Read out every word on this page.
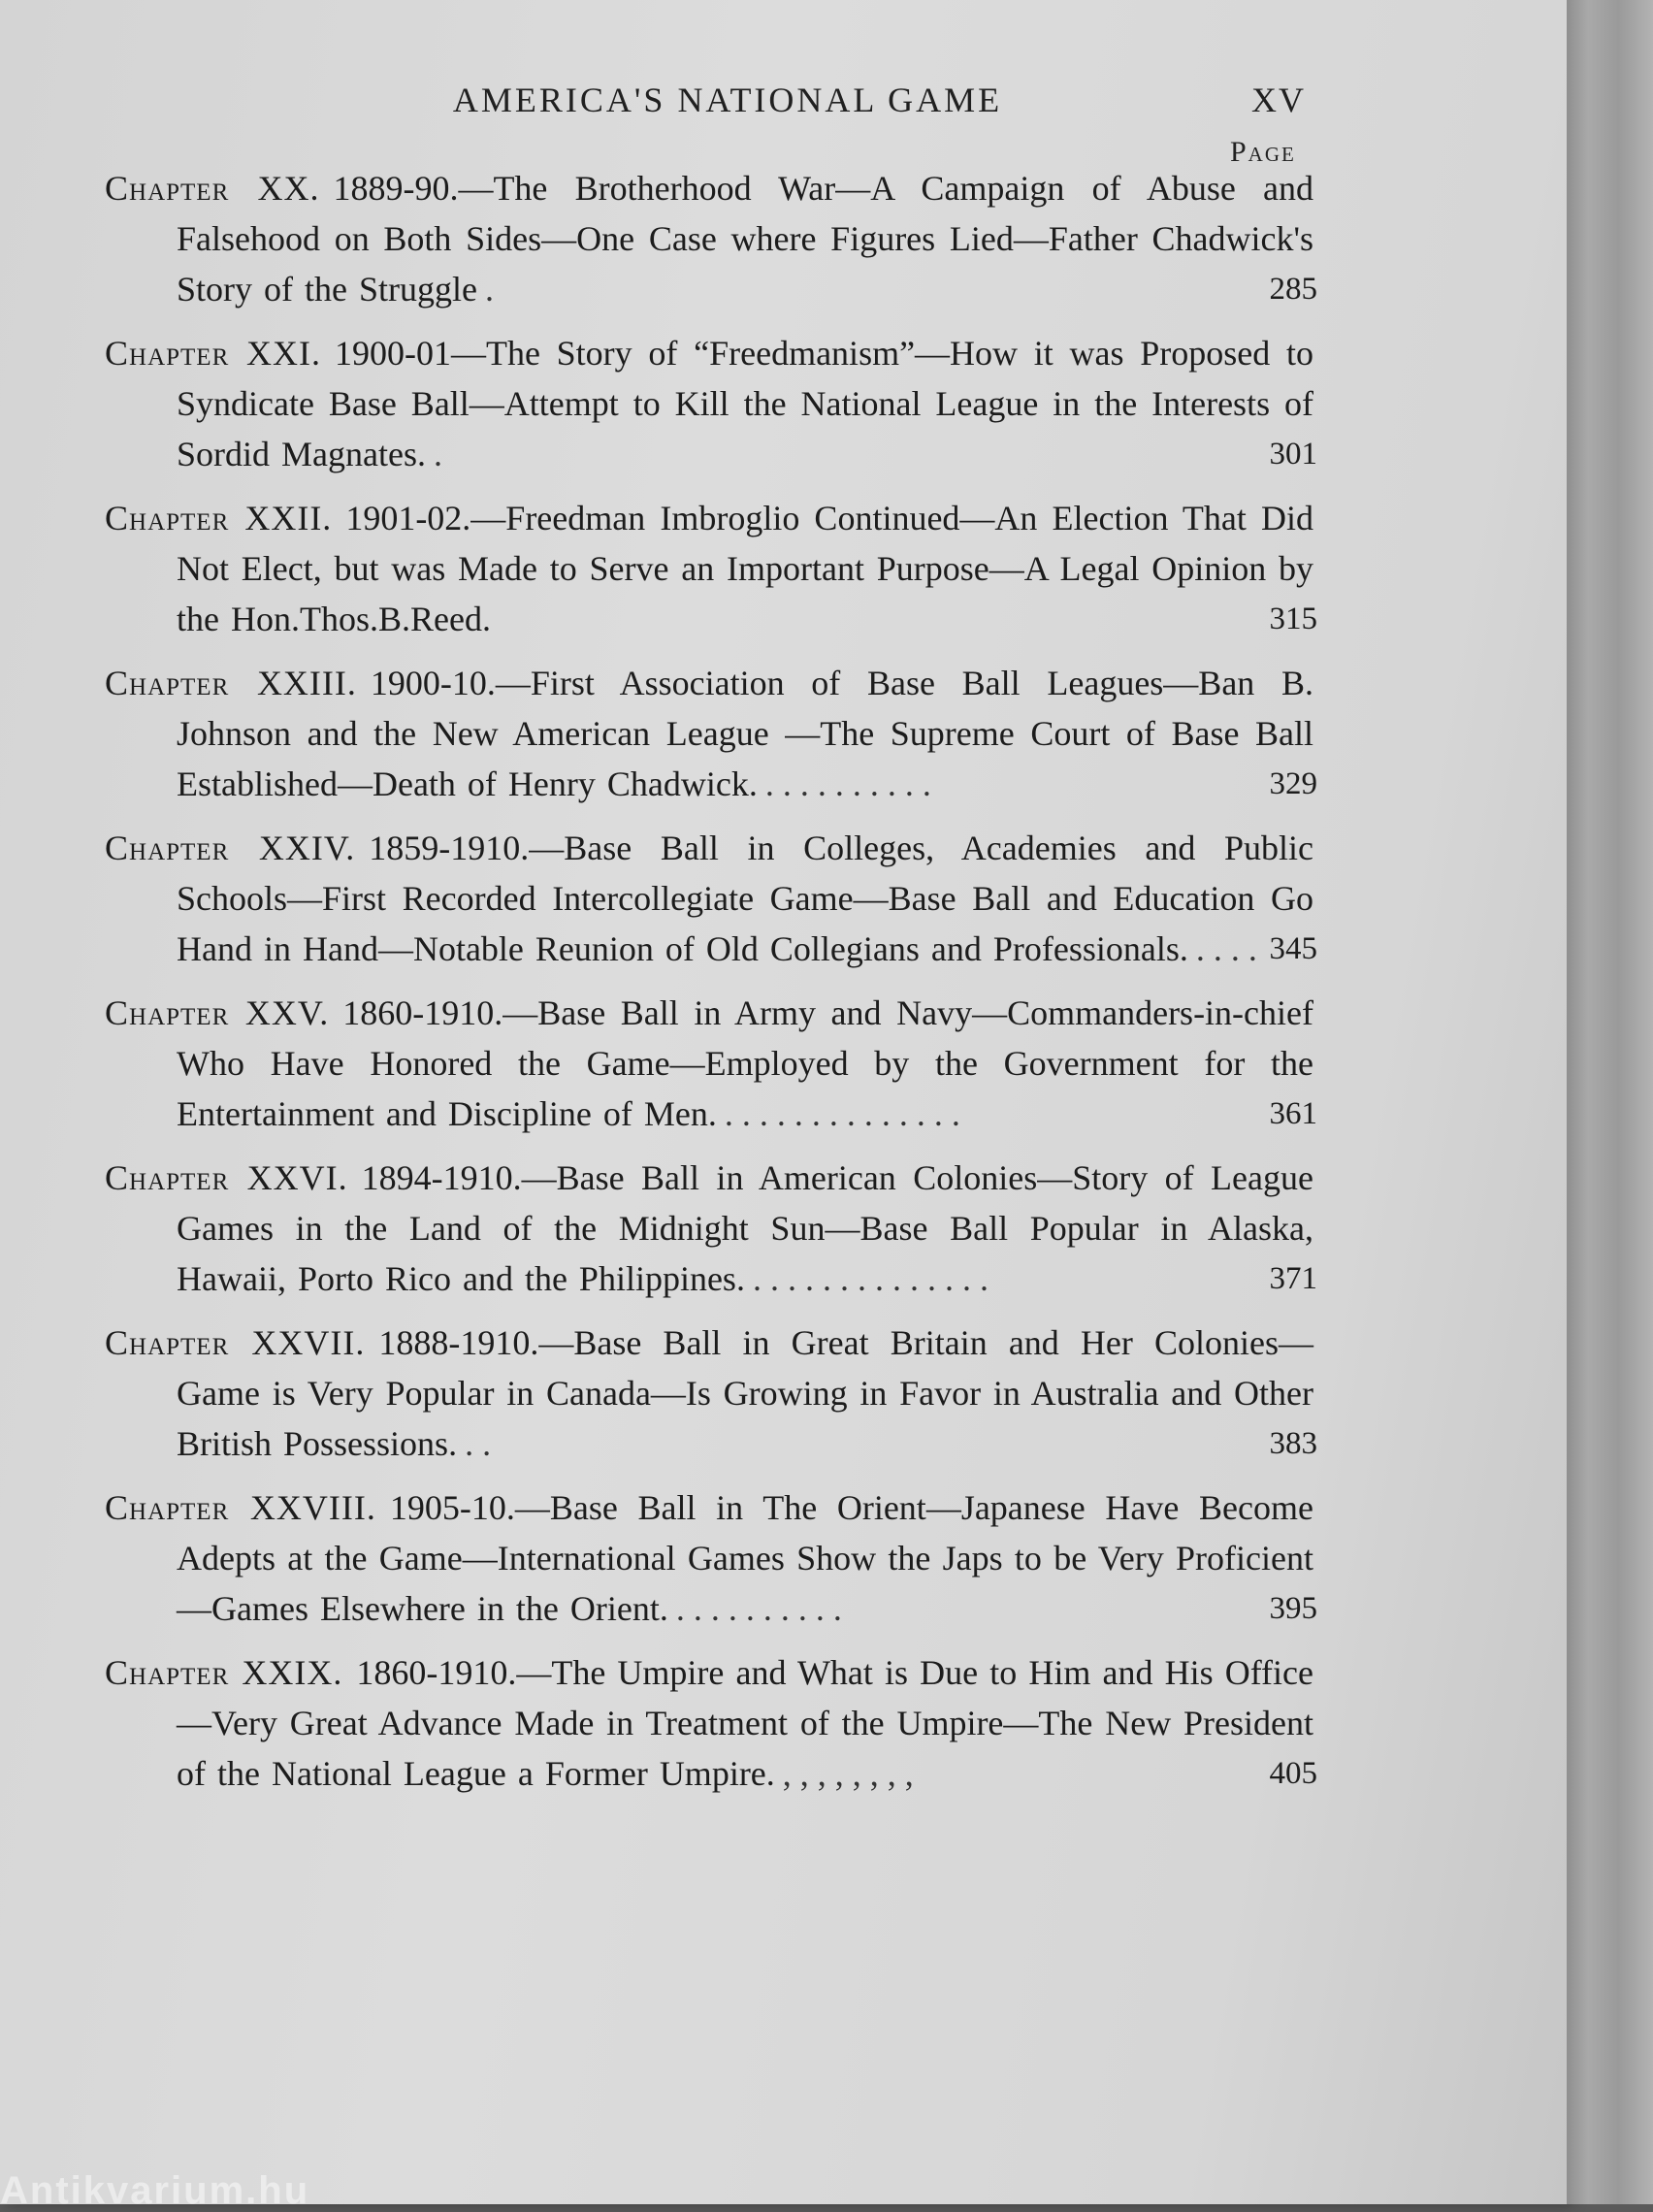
AMERICA'S NATIONAL GAME	XV
Page
Chapter XX. 1889-90.—The Brotherhood War—A Campaign of Abuse and Falsehood on Both Sides—One Case where Figures Lied—Father Chadwick's Story of the Struggle .	285
Chapter XXI. 1900-01—The Story of “Freedmanism”—How it was Proposed to Syndicate Base Ball—Attempt to Kill the National League in the Interests of Sordid Magnates. .	301
Chapter XXII. 1901-02.—Freedman Imbroglio Continued—An Election That Did Not Elect, but was Made to Serve an Important Purpose—A Legal Opinion by the Hon.Thos.B.Reed.	315
Chapter XXIII. 1900-10.—First Association of Base Ball Leagues—Ban B. Johnson and the New American League —The Supreme Court of Base Ball Established—Death of Henry Chadwick. . . . . . . . . . .	329
Chapter XXIV. 1859-1910.—Base Ball in Colleges, Academies and Public Schools—First Recorded Intercollegiate Game—Base Ball and Education Go Hand in Hand—Notable Reunion of Old Collegians and Professionals. . . . . 345
Chapter XXV. 1860-1910.—Base Ball in Army and Navy—Commanders-in-chief Who Have Honored the Game—Employed by the Government for the Entertainment and Discipline of Men. . . . . . . . . . . . . . .	361
Chapter XXVI. 1894-1910.—Base Ball in American Colonies—Story of League Games in the Land of the Midnight Sun—Base Ball Popular in Alaska, Hawaii, Porto Rico and the Philippines. . . . . . . . . . . . . . .	371
Chapter XXVII. 1888-1910.—Base Ball in Great Britain and Her Colonies—Game is Very Popular in Canada—Is Growing in Favor in Australia and Other British Possessions. . .	383
Chapter XXVIII. 1905-10.—Base Ball in The Orient—Japanese Have Become Adepts at the Game—International Games Show the Japs to be Very Proficient—Games Elsewhere in the Orient. . . . . . . . . . .	395
Chapter XXIX. 1860-1910.—The Umpire and What is Due to Him and His Office—Very Great Advance Made in Treatment of the Umpire—The New President of the National League a Former Umpire. , , , , , , , ,	405
Antikvarium.hu
